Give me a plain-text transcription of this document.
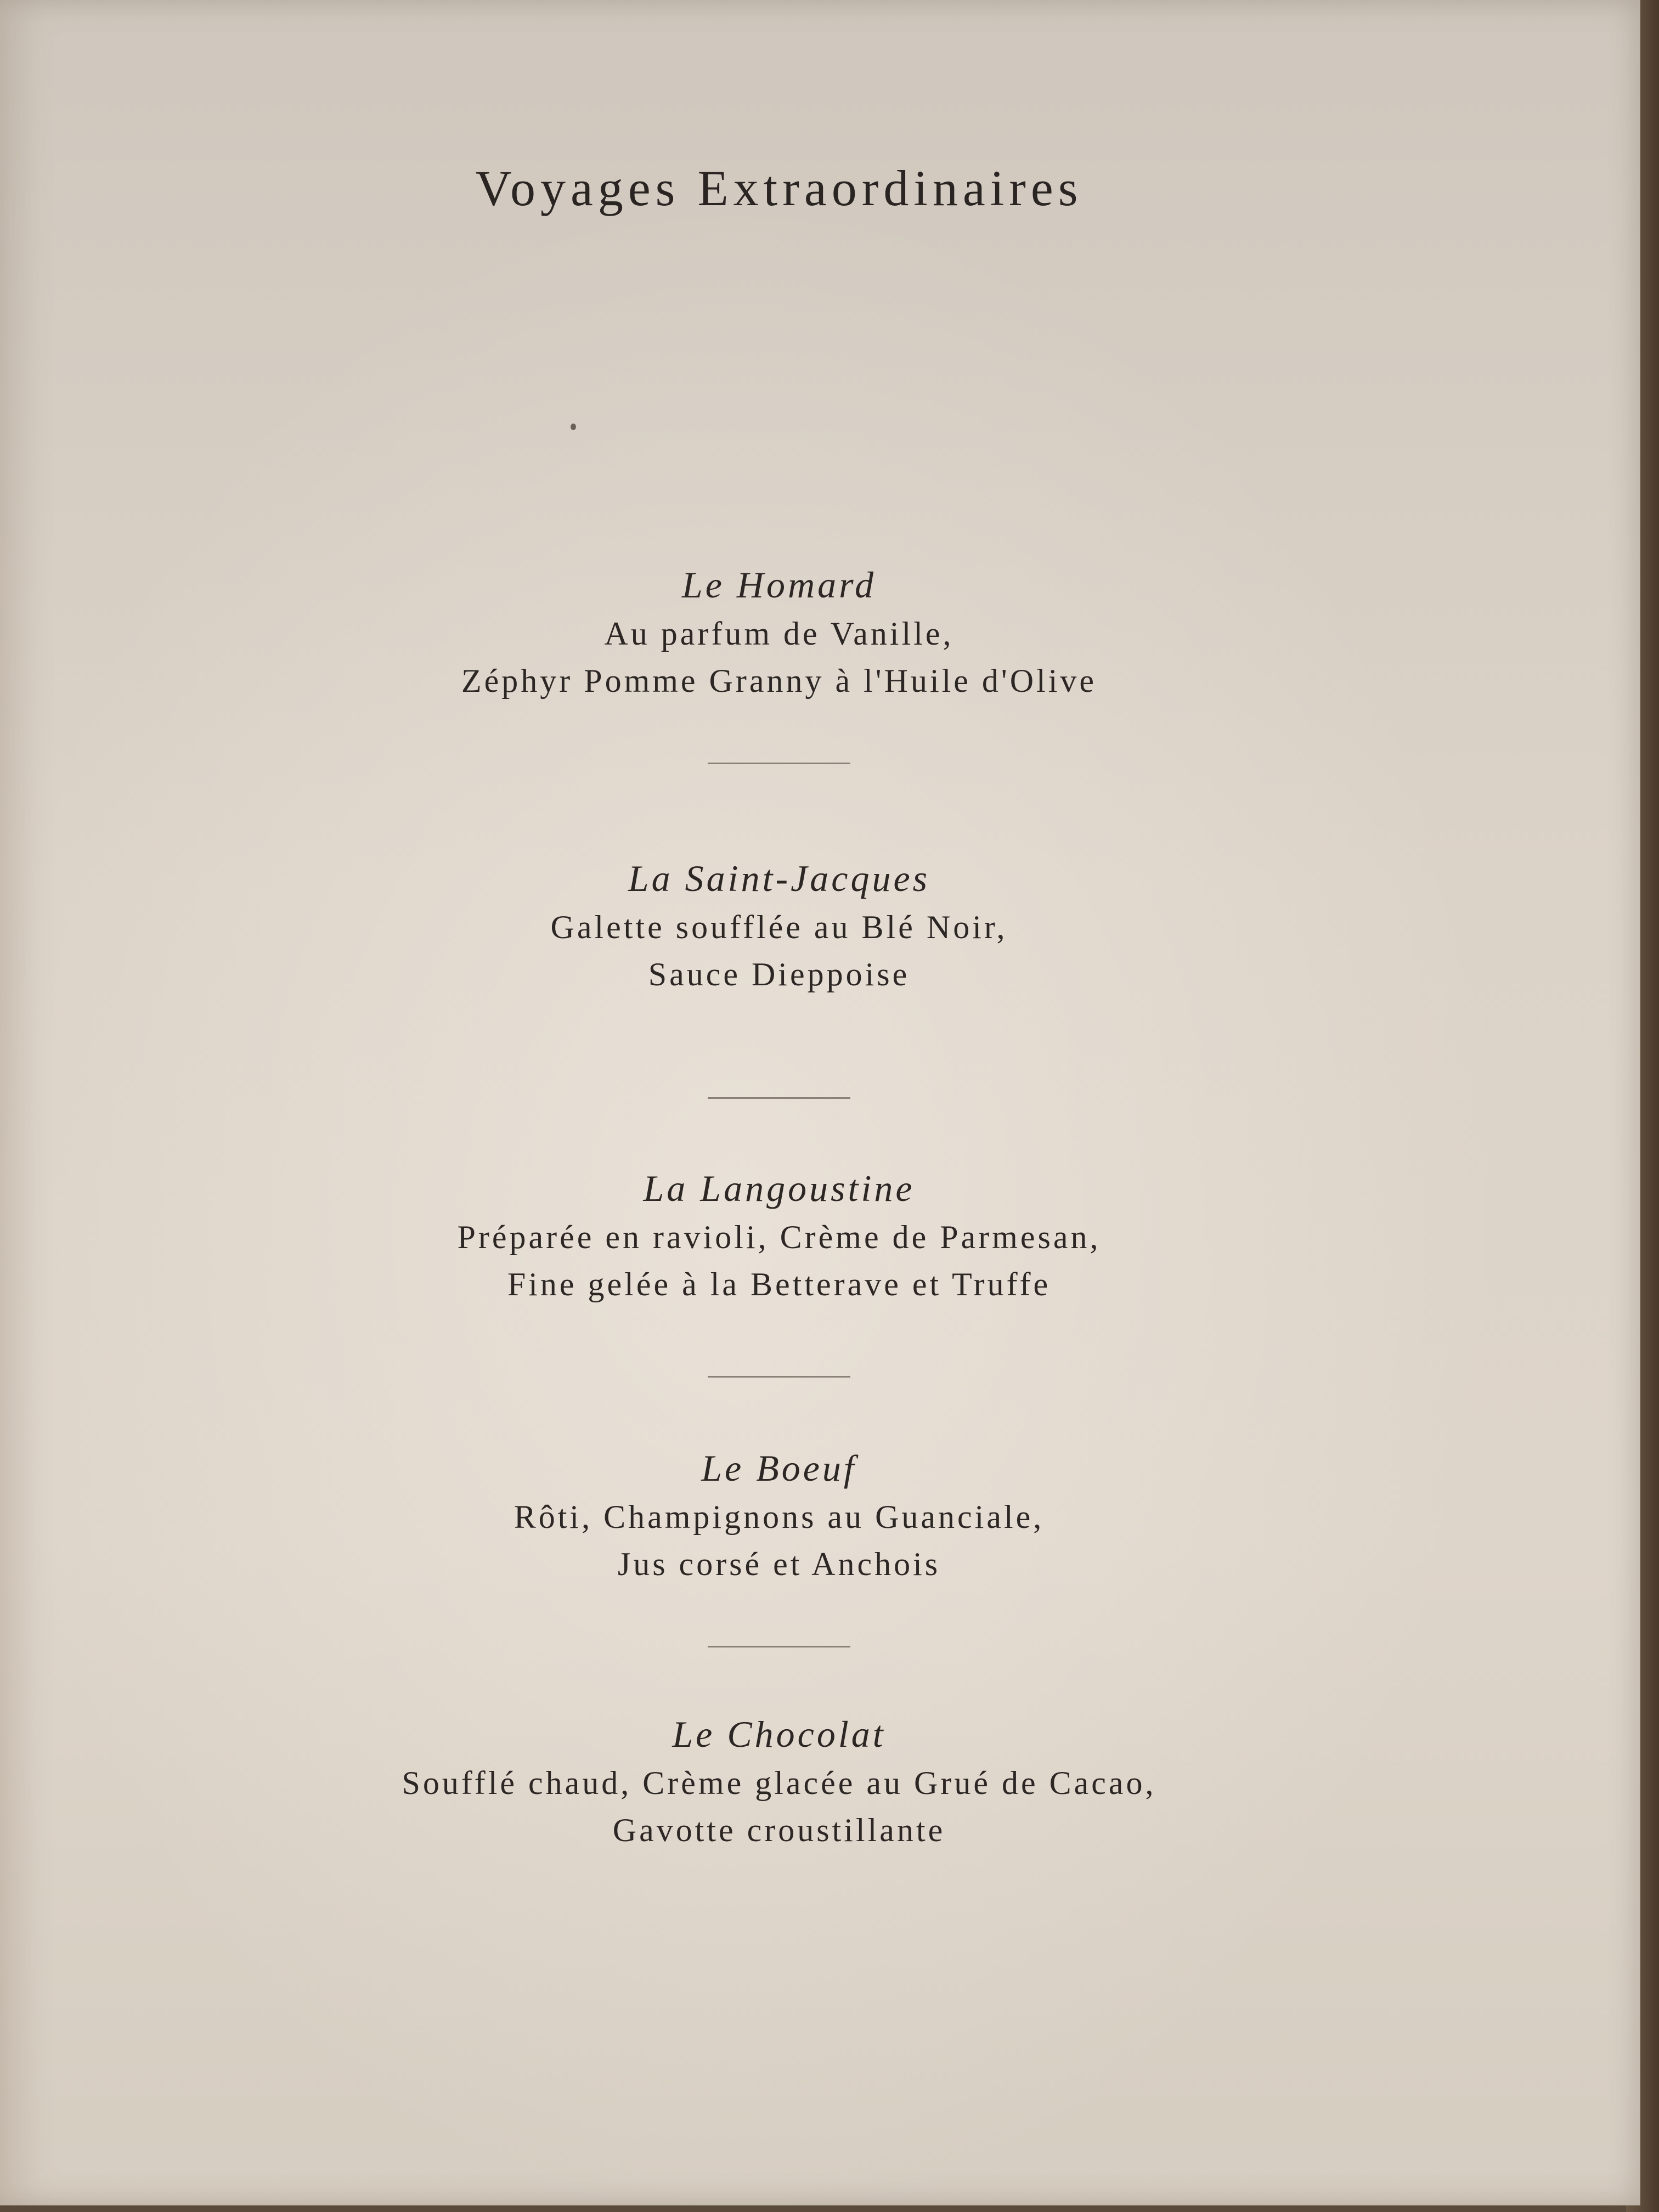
Voyages Extraordinaires
Le Homard
Au parfum de Vanille,
Zéphyr Pomme Granny à l'Huile d'Olive
La Saint-Jacques
Galette soufflée au Blé Noir,
Sauce Dieppoise
La Langoustine
Préparée en ravioli, Crème de Parmesan,
Fine gelée à la Betterave et Truffe
Le Boeuf
Rôti, Champignons au Guanciale,
Jus corsé et Anchois
Le Chocolat
Soufflé chaud, Crème glacée au Grué de Cacao,
Gavotte croustillante
